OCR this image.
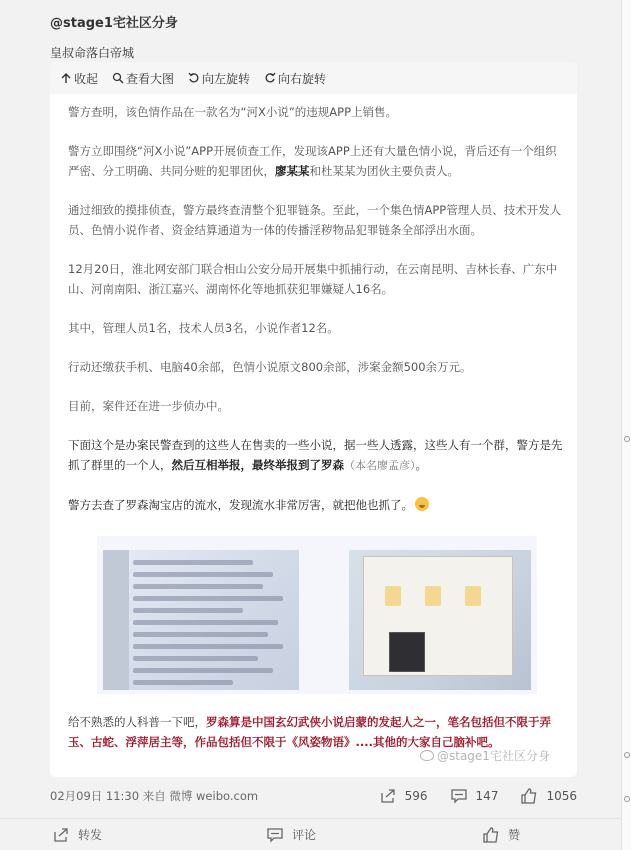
@stage1宅社区分身
皇叔命落白帝城
收起 查看大图 向左旋转 向右旋转

警方查明，该色情作品在一款名为“河X小说”的违规APP上销售。

警方立即围绕“河X小说”APP开展侦查工作，发现该APP上还有大量色情小说，背后还有一个组织严密、分工明确、共同分赃的犯罪团伙，廖某某和杜某某为团伙主要负责人。

通过细致的摸排侦查，警方最终查清整个犯罪链条。至此，一个集色情APP管理人员、技术开发人员、色情小说作者、资金结算通道为一体的传播淫秽物品犯罪链条全部浮出水面。

12月20日，淮北网安部门联合相山公安分局开展集中抓捕行动，在云南昆明、吉林长春、广东中山、河南南阳、浙江嘉兴、湖南怀化等地抓获犯罪嫌疑人16名。

其中，管理人员1名，技术人员3名，小说作者12名。

行动还缴获手机、电脑40余部，色情小说原文800余部，涉案金额500余万元。

目前，案件还在进一步侦办中。

下面这个是办案民警查到的这些人在售卖的一些小说，据一些人透露，这些人有一个群，警方是先抓了群里的一个人，然后互相举报，最终举报到了罗森（本名廖孟彦）。

警方去查了罗森淘宝店的流水，发现流水非常厉害，就把他也抓了。

给不熟悉的人科普一下吧，罗森算是中国玄幻武侠小说启蒙的发起人之一，笔名包括但不限于弄玉、古蛇、浮萍居主等，作品包括但不限于《风姿物语》....其他的大家自己脑补吧。
@stage1宅社区分身
02月09日 11:30 来自 微博 weibo.com	596	147	1056
转发	评论	赞
